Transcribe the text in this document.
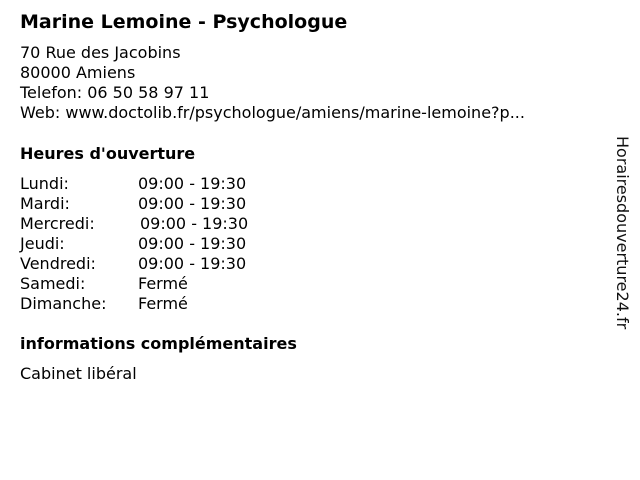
Marine Lemoine - Psychologue
70 Rue des Jacobins
80000 Amiens
Telefon: 06 50 58 97 11
Web: www.doctolib.fr/psychologue/amiens/marine-lemoine?p...
Heures d'ouverture
Lundi:	09:00 - 19:30
Mardi:	09:00 - 19:30
Mercredi:	09:00 - 19:30
Jeudi:	09:00 - 19:30
Vendredi:	09:00 - 19:30
Samedi:	Fermé
Dimanche: Fermé
informations complémentaires
Cabinet libéral
Horairesdouverture24.fr
